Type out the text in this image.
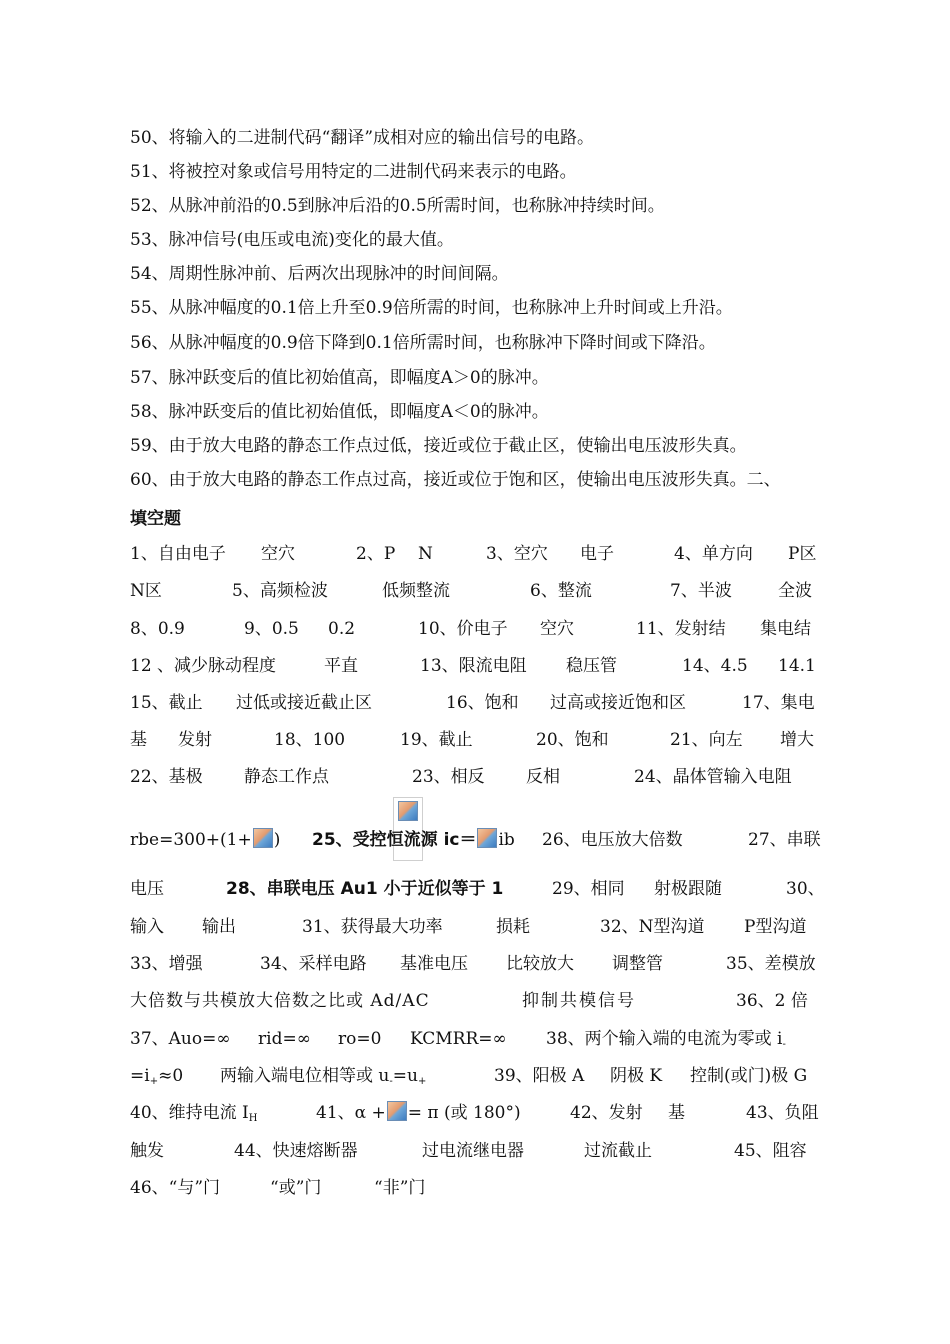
50、将输入的二进制代码“翻译”成相对应的输出信号的电路。
51、将被控对象或信号用特定的二进制代码来表示的电路。
52、从脉冲前沿的0.5到脉冲后沿的0.5所需时间，也称脉冲持续时间。
53、脉冲信号(电压或电流)变化的最大值。
54、周期性脉冲前、后两次出现脉冲的时间间隔。
55、从脉冲幅度的0.1倍上升至0.9倍所需的时间，也称脉冲上升时间或上升沿。
56、从脉冲幅度的0.9倍下降到0.1倍所需时间，也称脉冲下降时间或下降沿。
57、脉冲跃变后的值比初始值高，即幅度A＞0的脉冲。
58、脉冲跃变后的值比初始值低，即幅度A＜0的脉冲。
59、由于放大电路的静态工作点过低，接近或位于截止区，使输出电压波形失真。
60、由于放大电路的静态工作点过高，接近或位于饱和区，使输出电压波形失真。二、
填空题
1、自由电子 空穴	2、P N	3、空穴 电子	4、单方向 P区
N区	5、高频检波	低频整流	6、整流	7、半波	全波
8、0.9	9、0.5 0.2	10、价电子 空穴	11、发射结 集电结
12 、减少脉动程度	平直	13、限流电阻 稳压管	14、4.5 14.1
15、截止 过低或接近截止区	16、饱和 过高或接近饱和区	17、集电
基 发射	18、100	19、截止	20、饱和	21、向左 增大
22、基极 静态工作点	23、相反 反相	24、晶体管输入电阻
rbe=300+(1+ ) 25、受控恒流源 ic＝ ib 26、电压放大倍数	27、串联
电压	28、串联电压 Au1 小于近似等于 1	29、相同 射极跟随	30、
输入 输出	31、获得最大功率	损耗	32、N型沟道 P型沟道
33、增强	34、采样电路 基准电压 比较放大 调整管	35、差模放
大倍数与共模放大倍数之比或 Ad/AC	抑制共模信号	36、2 倍
37、Auo=∞ rid=∞ ro=0 KCMRR=∞ 38、两个输入端的电流为零或 $i_-$
$=i_+\approx 0$ 两输入端电位相等或 $u_-=u_+$	39、阳极 A 阴极 K 控制(或门)极 G
40、维持电流 $I_H$	41、α + = π (或 180°)	42、发射 基	43、负阻
触发	44、快速熔断器	过电流继电器	过流截止	45、阻容
46、“与”门	“或”门	“非”门
